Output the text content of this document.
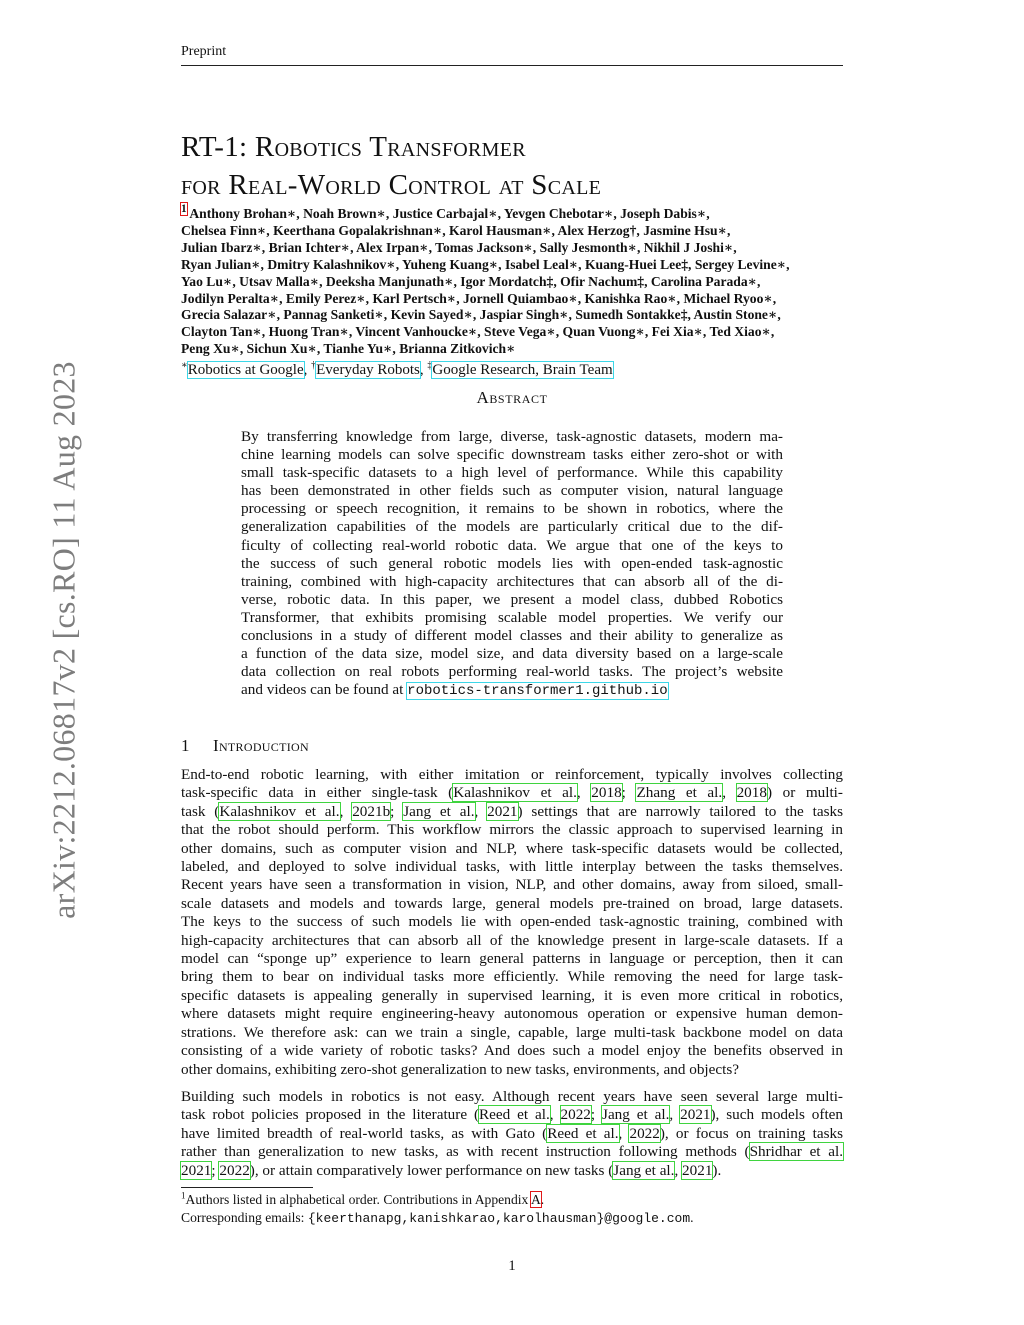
Preprint
arXiv:2212.06817v2 [cs.RO] 11 Aug 2023
RT-1: Robotics Transformer
for Real-World Control at Scale
$^1$ Anthony Brohan∗, Noah Brown∗, Justice Carbajal∗, Yevgen Chebotar∗, Joseph Dabis∗,
Chelsea Finn∗, Keerthana Gopalakrishnan∗, Karol Hausman∗, Alex Herzog†, Jasmine Hsu∗,
Julian Ibarz∗, Brian Ichter∗, Alex Irpan∗, Tomas Jackson∗, Sally Jesmonth∗, Nikhil J Joshi∗,
Ryan Julian∗, Dmitry Kalashnikov∗, Yuheng Kuang∗, Isabel Leal∗, Kuang-Huei Lee‡, Sergey Levine∗,
Yao Lu∗, Utsav Malla∗, Deeksha Manjunath∗, Igor Mordatch‡, Ofir Nachum‡, Carolina Parada∗,
Jodilyn Peralta∗, Emily Perez∗, Karl Pertsch∗, Jornell Quiambao∗, Kanishka Rao∗, Michael Ryoo∗,
Grecia Salazar∗, Pannag Sanketi∗, Kevin Sayed∗, Jaspiar Singh∗, Sumedh Sontakke‡, Austin Stone∗,
Clayton Tan∗, Huong Tran∗, Vincent Vanhoucke∗, Steve Vega∗, Quan Vuong∗, Fei Xia∗, Ted Xiao∗,
Peng Xu∗, Sichun Xu∗, Tianhe Yu∗, Brianna Zitkovich∗
∗Robotics at Google, †Everyday Robots, ‡Google Research, Brain Team
Abstract
By transferring knowledge from large, diverse, task-agnostic datasets, modern ma-
chine learning models can solve specific downstream tasks either zero-shot or with
small task-specific datasets to a high level of performance. While this capability
has been demonstrated in other fields such as computer vision, natural language
processing or speech recognition, it remains to be shown in robotics, where the
generalization capabilities of the models are particularly critical due to the dif-
ficulty of collecting real-world robotic data. We argue that one of the keys to
the success of such general robotic models lies with open-ended task-agnostic
training, combined with high-capacity architectures that can absorb all of the di-
verse, robotic data. In this paper, we present a model class, dubbed Robotics
Transformer, that exhibits promising scalable model properties. We verify our
conclusions in a study of different model classes and their ability to generalize as
a function of the data size, model size, and data diversity based on a large-scale
data collection on real robots performing real-world tasks. The project’s website
and videos can be found at robotics-transformer1.github.io
1 Introduction
End-to-end robotic learning, with either imitation or reinforcement, typically involves collecting
task-specific data in either single-task (Kalashnikov et al., 2018; Zhang et al., 2018) or multi-
task (Kalashnikov et al., 2021b; Jang et al., 2021) settings that are narrowly tailored to the tasks
that the robot should perform. This workflow mirrors the classic approach to supervised learning in
other domains, such as computer vision and NLP, where task-specific datasets would be collected,
labeled, and deployed to solve individual tasks, with little interplay between the tasks themselves.
Recent years have seen a transformation in vision, NLP, and other domains, away from siloed, small-
scale datasets and models and towards large, general models pre-trained on broad, large datasets.
The keys to the success of such models lie with open-ended task-agnostic training, combined with
high-capacity architectures that can absorb all of the knowledge present in large-scale datasets. If a
model can “sponge up” experience to learn general patterns in language or perception, then it can
bring them to bear on individual tasks more efficiently. While removing the need for large task-
specific datasets is appealing generally in supervised learning, it is even more critical in robotics,
where datasets might require engineering-heavy autonomous operation or expensive human demon-
strations. We therefore ask: can we train a single, capable, large multi-task backbone model on data
consisting of a wide variety of robotic tasks? And does such a model enjoy the benefits observed in
other domains, exhibiting zero-shot generalization to new tasks, environments, and objects?
Building such models in robotics is not easy. Although recent years have seen several large multi-
task robot policies proposed in the literature (Reed et al., 2022; Jang et al., 2021), such models often
have limited breadth of real-world tasks, as with Gato (Reed et al., 2022), or focus on training tasks
rather than generalization to new tasks, as with recent instruction following methods (Shridhar et al.
2021; 2022), or attain comparatively lower performance on new tasks (Jang et al., 2021).
$^1$Authors listed in alphabetical order. Contributions in Appendix A.
Corresponding emails: {keerthanapg,kanishkarao,karolhausman}@google.com.
1
